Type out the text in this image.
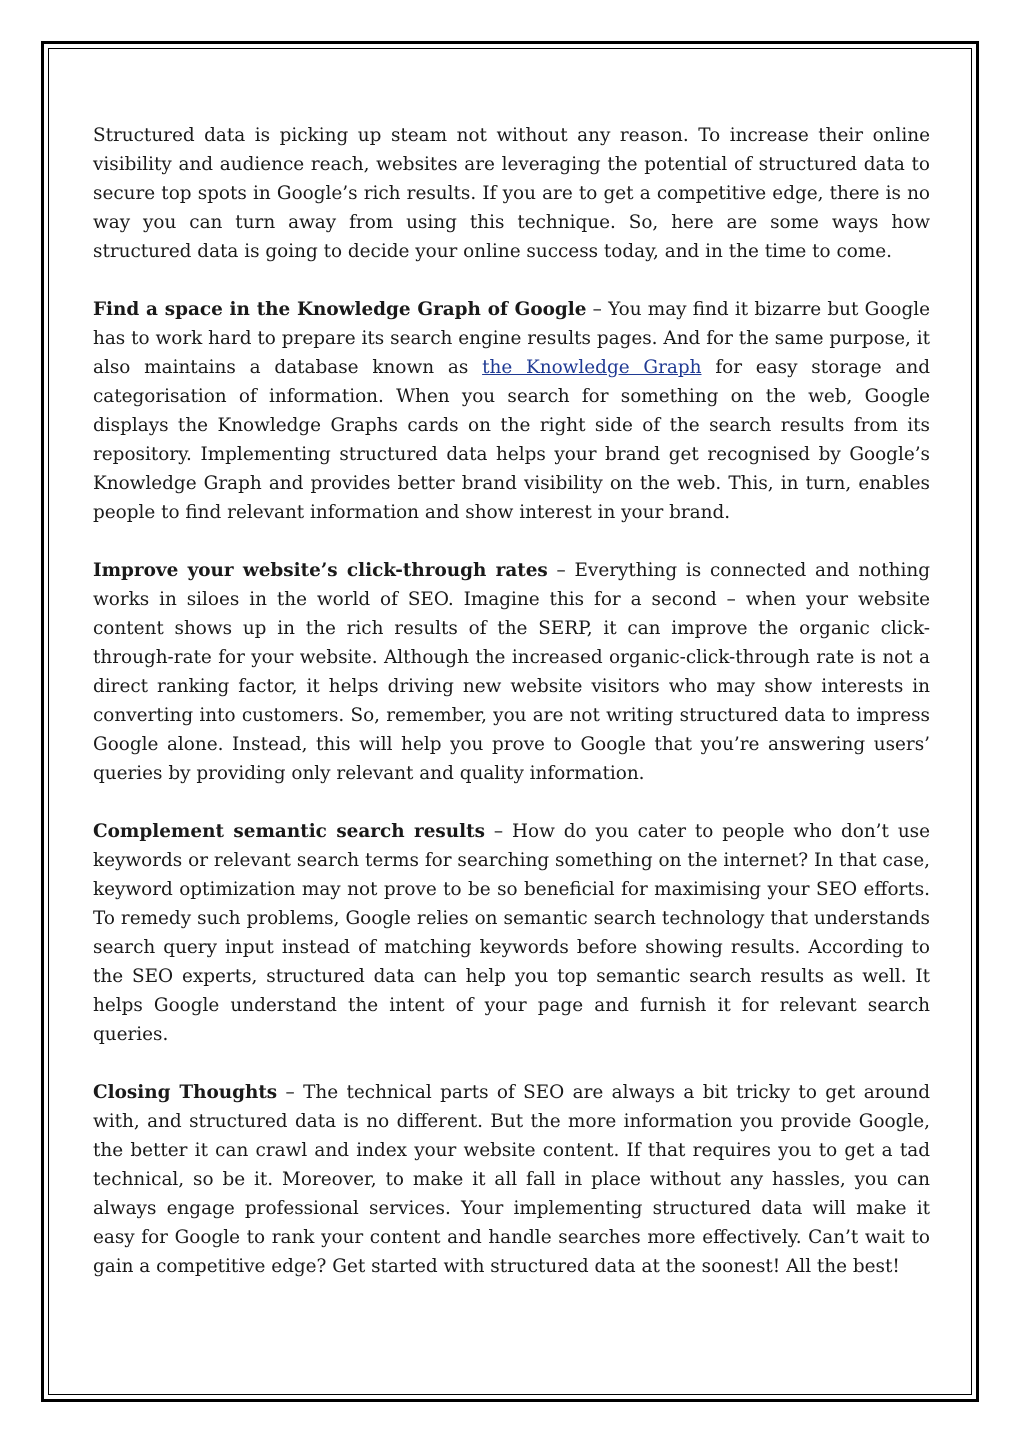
Structured data is picking up steam not without any reason. To increase their online visibility and audience reach, websites are leveraging the potential of structured data to secure top spots in Google’s rich results. If you are to get a competitive edge, there is no way you can turn away from using this technique. So, here are some ways how structured data is going to decide your online success today, and in the time to come.

Find a space in the Knowledge Graph of Google – You may find it bizarre but Google has to work hard to prepare its search engine results pages. And for the same purpose, it also maintains a database known as the Knowledge Graph for easy storage and categorisation of information. When you search for something on the web, Google displays the Knowledge Graphs cards on the right side of the search results from its repository. Implementing structured data helps your brand get recognised by Google’s Knowledge Graph and provides better brand visibility on the web. This, in turn, enables people to find relevant information and show interest in your brand.

Improve your website’s click-through rates – Everything is connected and nothing works in siloes in the world of SEO. Imagine this for a second – when your website content shows up in the rich results of the SERP, it can improve the organic click-through-rate for your website. Although the increased organic-click-through rate is not a direct ranking factor, it helps driving new website visitors who may show interests in converting into customers. So, remember, you are not writing structured data to impress Google alone. Instead, this will help you prove to Google that you’re answering users’ queries by providing only relevant and quality information.

Complement semantic search results – How do you cater to people who don’t use keywords or relevant search terms for searching something on the internet? In that case, keyword optimization may not prove to be so beneficial for maximising your SEO efforts. To remedy such problems, Google relies on semantic search technology that understands search query input instead of matching keywords before showing results. According to the SEO experts, structured data can help you top semantic search results as well. It helps Google understand the intent of your page and furnish it for relevant search queries.

Closing Thoughts – The technical parts of SEO are always a bit tricky to get around with, and structured data is no different. But the more information you provide Google, the better it can crawl and index your website content. If that requires you to get a tad technical, so be it. Moreover, to make it all fall in place without any hassles, you can always engage professional services. Your implementing structured data will make it easy for Google to rank your content and handle searches more effectively. Can’t wait to gain a competitive edge? Get started with structured data at the soonest! All the best!
